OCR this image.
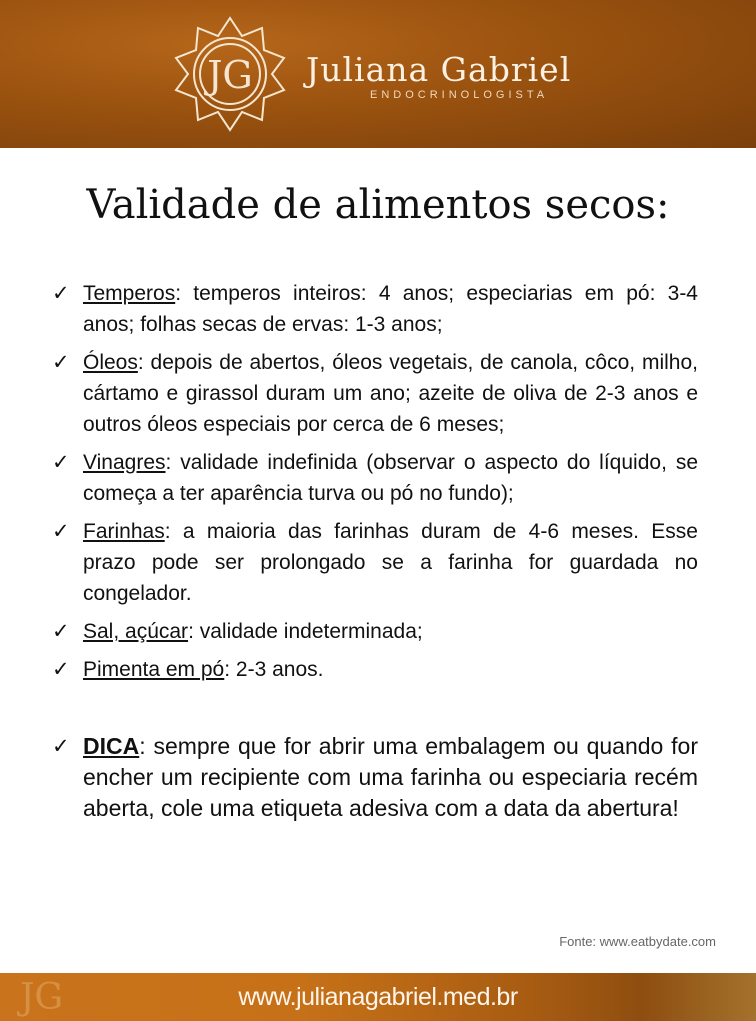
JG Juliana Gabriel
ENDOCRINOLOGISTA
Validade de alimentos secos:
✓ Temperos: temperos inteiros: 4 anos; especiarias em pó: 3-4 anos; folhas secas de ervas: 1-3 anos;
✓ Óleos: depois de abertos, óleos vegetais, de canola, côco, milho, cártamo e girassol duram um ano; azeite de oliva de 2-3 anos e outros óleos especiais por cerca de 6 meses;
✓ Vinagres: validade indefinida (observar o aspecto do líquido, se começa a ter aparência turva ou pó no fundo);
✓ Farinhas: a maioria das farinhas duram de 4-6 meses. Esse prazo pode ser prolongado se a farinha for guardada no congelador.
✓ Sal, açúcar: validade indeterminada;
✓ Pimenta em pó: 2-3 anos.
✓ DICA: sempre que for abrir uma embalagem ou quando for encher um recipiente com uma farinha ou especiaria recém aberta, cole uma etiqueta adesiva com a data da abertura!
Fonte: www.eatbydate.com
JG	www.julianagabriel.med.br
